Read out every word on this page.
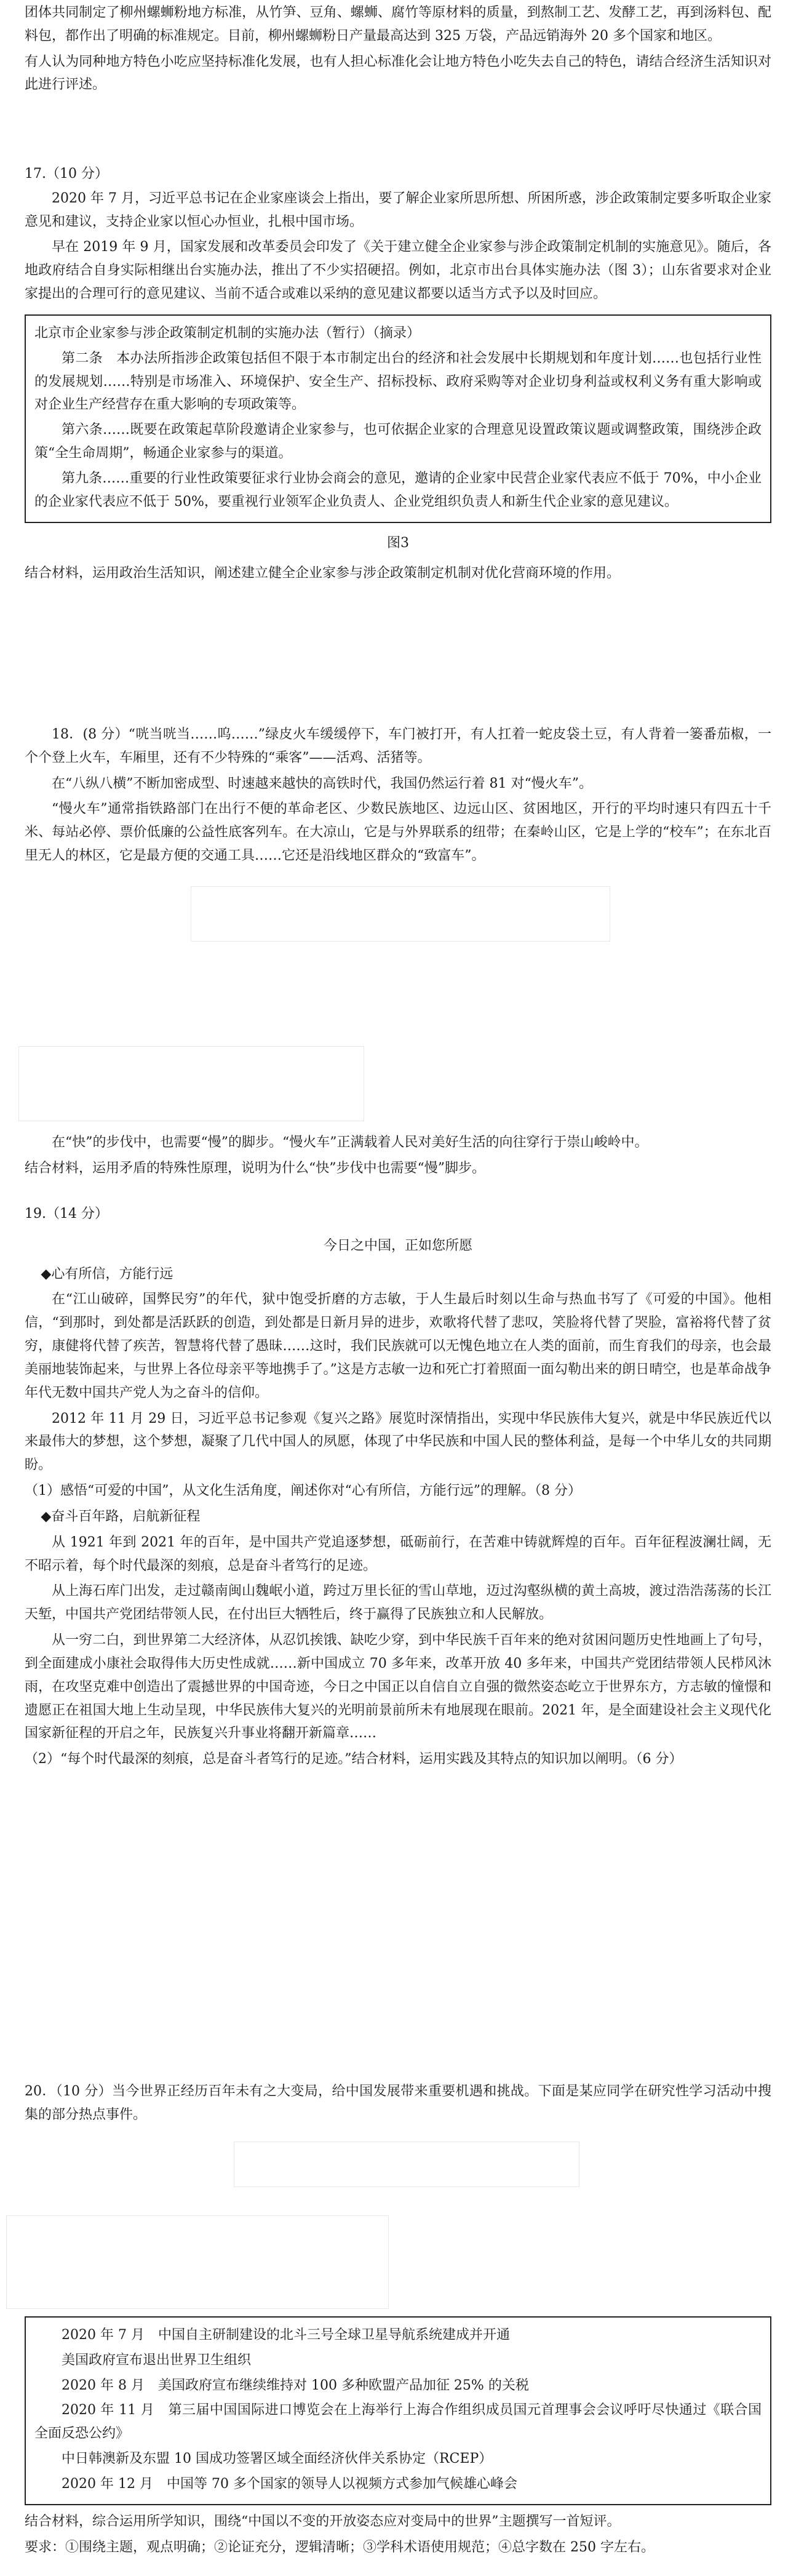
团体共同制定了柳州螺蛳粉地方标准，从竹笋、豆角、螺蛳、腐竹等原材料的质量，到熬制工艺、发酵工艺，再到汤料包、配料包，都作出了明确的标准规定。目前，柳州螺蛳粉日产量最高达到 325 万袋，产品远销海外 20 多个国家和地区。

有人认为同种地方特色小吃应坚持标准化发展，也有人担心标准化会让地方特色小吃失去自己的特色，请结合经济生活知识对此进行评述。

17.（10 分）

2020 年 7 月，习近平总书记在企业家座谈会上指出，要了解企业家所思所想、所困所惑，涉企政策制定要多听取企业家意见和建议，支持企业家以恒心办恒业，扎根中国市场。

早在 2019 年 9 月，国家发展和改革委员会印发了《关于建立健全企业家参与涉企政策制定机制的实施意见》。随后，各地政府结合自身实际相继出台实施办法，推出了不少实招硬招。例如，北京市出台具体实施办法（图 3）；山东省要求对企业家提出的合理可行的意见建议、当前不适合或难以采纳的意见建议都要以适当方式予以及时回应。

北京市企业家参与涉企政策制定机制的实施办法（暂行）（摘录）

第二条　本办法所指涉企政策包括但不限于本市制定出台的经济和社会发展中长期规划和年度计划……也包括行业性的发展规划……特别是市场准入、环境保护、安全生产、招标投标、政府采购等对企业切身利益或权利义务有重大影响或对企业生产经营存在重大影响的专项政策等。

第六条……既要在政策起草阶段邀请企业家参与，也可依据企业家的合理意见设置政策议题或调整政策，围绕涉企政策“全生命周期”，畅通企业家参与的渠道。

第九条……重要的行业性政策要征求行业协会商会的意见，邀请的企业家中民营企业家代表应不低于 70%，中小企业的企业家代表应不低于 50%，要重视行业领军企业负责人、企业党组织负责人和新生代企业家的意见建议。

图3

结合材料，运用政治生活知识，阐述建立健全企业家参与涉企政策制定机制对优化营商环境的作用。

18．(8 分）“咣当咣当……呜……”绿皮火车缓缓停下，车门被打开，有人扛着一蛇皮袋土豆，有人背着一篓番茄椒，一个个登上火车，车厢里，还有不少特殊的“乘客”——活鸡、活猪等。

在“八纵八横”不断加密成型、时速越来越快的高铁时代，我国仍然运行着 81 对“慢火车”。

“慢火车”通常指铁路部门在出行不便的革命老区、少数民族地区、边远山区、贫困地区，开行的平均时速只有四五十千米、每站必停、票价低廉的公益性底客列车。在大凉山，它是与外界联系的纽带；在秦岭山区，它是上学的“校车”；在东北百里无人的林区，它是最方便的交通工具……它还是沿线地区群众的“致富车”。

在“快”的步伐中，也需要“慢”的脚步。“慢火车”正满载着人民对美好生活的向往穿行于崇山峻岭中。

结合材料，运用矛盾的特殊性原理，说明为什么“快”步伐中也需要“慢”脚步。

19.（14 分）

今日之中国，正如您所愿

◆ 心有所信，方能行远

在“江山破碎，国弊民穷”的年代，狱中饱受折磨的方志敏，于人生最后时刻以生命与热血书写了《可爱的中国》。他相信，“到那时，到处都是活跃跃的创造，到处都是日新月异的进步，欢歌将代替了悲叹，笑脸将代替了哭脸，富裕将代替了贫穷，康健将代替了疾苦，智慧将代替了愚昧……这时，我们民族就可以无愧色地立在人类的面前，而生育我们的母亲，也会最美丽地装饰起来，与世界上各位母亲平等地携手了。”这是方志敏一边和死亡打着照面一面勾勒出来的朗日晴空，也是革命战争年代无数中国共产党人为之奋斗的信仰。

2012 年 11 月 29 日，习近平总书记参观《复兴之路》展览时深情指出，实现中华民族伟大复兴，就是中华民族近代以来最伟大的梦想，这个梦想，凝聚了几代中国人的夙愿，体现了中华民族和中国人民的整体利益，是每一个中华儿女的共同期盼。

（1）感悟“可爱的中国”，从文化生活角度，阐述你对“心有所信，方能行远”的理解。（8 分）

◆ 奋斗百年路，启航新征程

从 1921 年到 2021 年的百年，是中国共产党追逐梦想，砥砺前行，在苦难中铸就辉煌的百年。百年征程波澜壮阔，无不昭示着，每个时代最深的刻痕，总是奋斗者笃行的足迹。

从上海石库门出发，走过赣南闽山魏岷小道，跨过万里长征的雪山草地，迈过沟壑纵横的黄土高坡，渡过浩浩荡荡的长江天堑，中国共产党团结带领人民，在付出巨大牺牲后，终于赢得了民族独立和人民解放。

从一穷二白，到世界第二大经济体，从忍饥挨饿、缺吃少穿，到中华民族千百年来的绝对贫困问题历史性地画上了句号，到全面建成小康社会取得伟大历史性成就……新中国成立 70 多年来，改革开放 40 多年来，中国共产党团结带领人民栉风沐雨，在攻坚克难中创造出了震撼世界的中国奇迹，今日之中国正以自信自立自强的微然姿态屹立于世界东方，方志敏的憧憬和遗愿正在祖国大地上生动呈现，中华民族伟大复兴的光明前景前所未有地展现在眼前。2021 年，是全面建设社会主义现代化国家新征程的开启之年，民族复兴升事业将翻开新篇章……

（2）“每个时代最深的刻痕，总是奋斗者笃行的足迹。”结合材料，运用实践及其特点的知识加以阐明。（6 分）

20．（10 分）当今世界正经历百年未有之大变局，给中国发展带来重要机遇和挑战。下面是某应同学在研究性学习活动中搜集的部分热点事件。

2020 年 7 月　中国自主研制建设的北斗三号全球卫星导航系统建成并开通

美国政府宣布退出世界卫生组织

2020 年 8 月　美国政府宣布继续维持对 100 多种欧盟产品加征 25% 的关税

2020 年 11 月　第三届中国国际进口博览会在上海举行上海合作组织成员国元首理事会会议呼吁尽快通过《联合国全面反恐公约》

中日韩澳新及东盟 10 国成功签署区域全面经济伙伴关系协定（RCEP）

2020 年 12 月　中国等 70 多个国家的领导人以视频方式参加气候雄心峰会

结合材料，综合运用所学知识，围绕“中国以不变的开放姿态应对变局中的世界”主题撰写一首短评。

要求：①围绕主题，观点明确；②论证充分，逻辑清晰；③学科术语使用规范；④总字数在 250 字左右。
